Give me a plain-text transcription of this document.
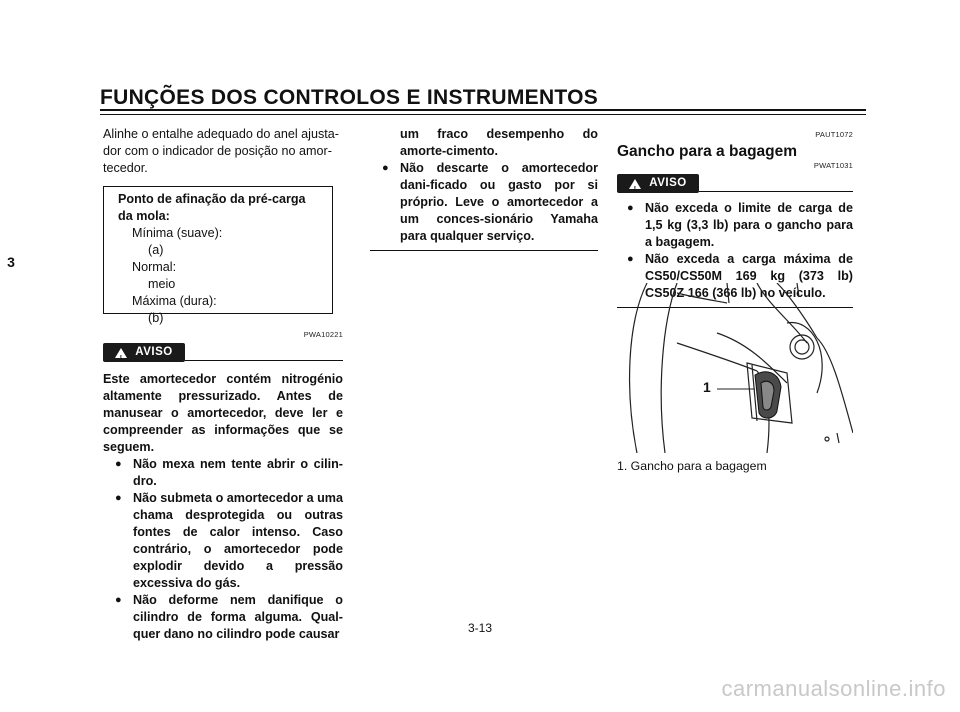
FUNÇÕES DOS CONTROLOS E INSTRUMENTOS
3
Alinhe o entalhe adequado do anel ajusta-
dor com o indicador de posição no amor-
tecedor.
Ponto de afinação da pré-carga
da mola:
Mínima (suave):
(a)
Normal:
meio
Máxima (dura):
(b)
PWA10221
! AVISO
Este amortecedor contém nitrogénio altamente pressurizado. Antes de manusear o amortecedor, deve ler e compreender as informações que se seguem.
● Não mexa nem tente abrir o cilin-dro.
● Não submeta o amortecedor a uma chama desprotegida ou outras fontes de calor intenso. Caso contrário, o amortecedor pode explodir devido a pressão excessiva do gás.
● Não deforme nem danifique o cilindro de forma alguma. Qual-quer dano no cilindro pode causar
um fraco desempenho do amorte-cimento.
● Não descarte o amortecedor dani-ficado ou gasto por si próprio. Leve o amortecedor a um conces-sionário Yamaha para qualquer serviço.
PAUT1072
Gancho para a bagagem
PWAT1031
! AVISO
● Não exceda o limite de carga de 1,5 kg (3,3 lb) para o gancho para a bagagem.
● Não exceda a carga máxima de CS50/CS50M 169 kg (373 lb) CS50Z 166 (366 lb) no veículo.
1
1. Gancho para a bagagem
3-13
carmanualsonline.info
